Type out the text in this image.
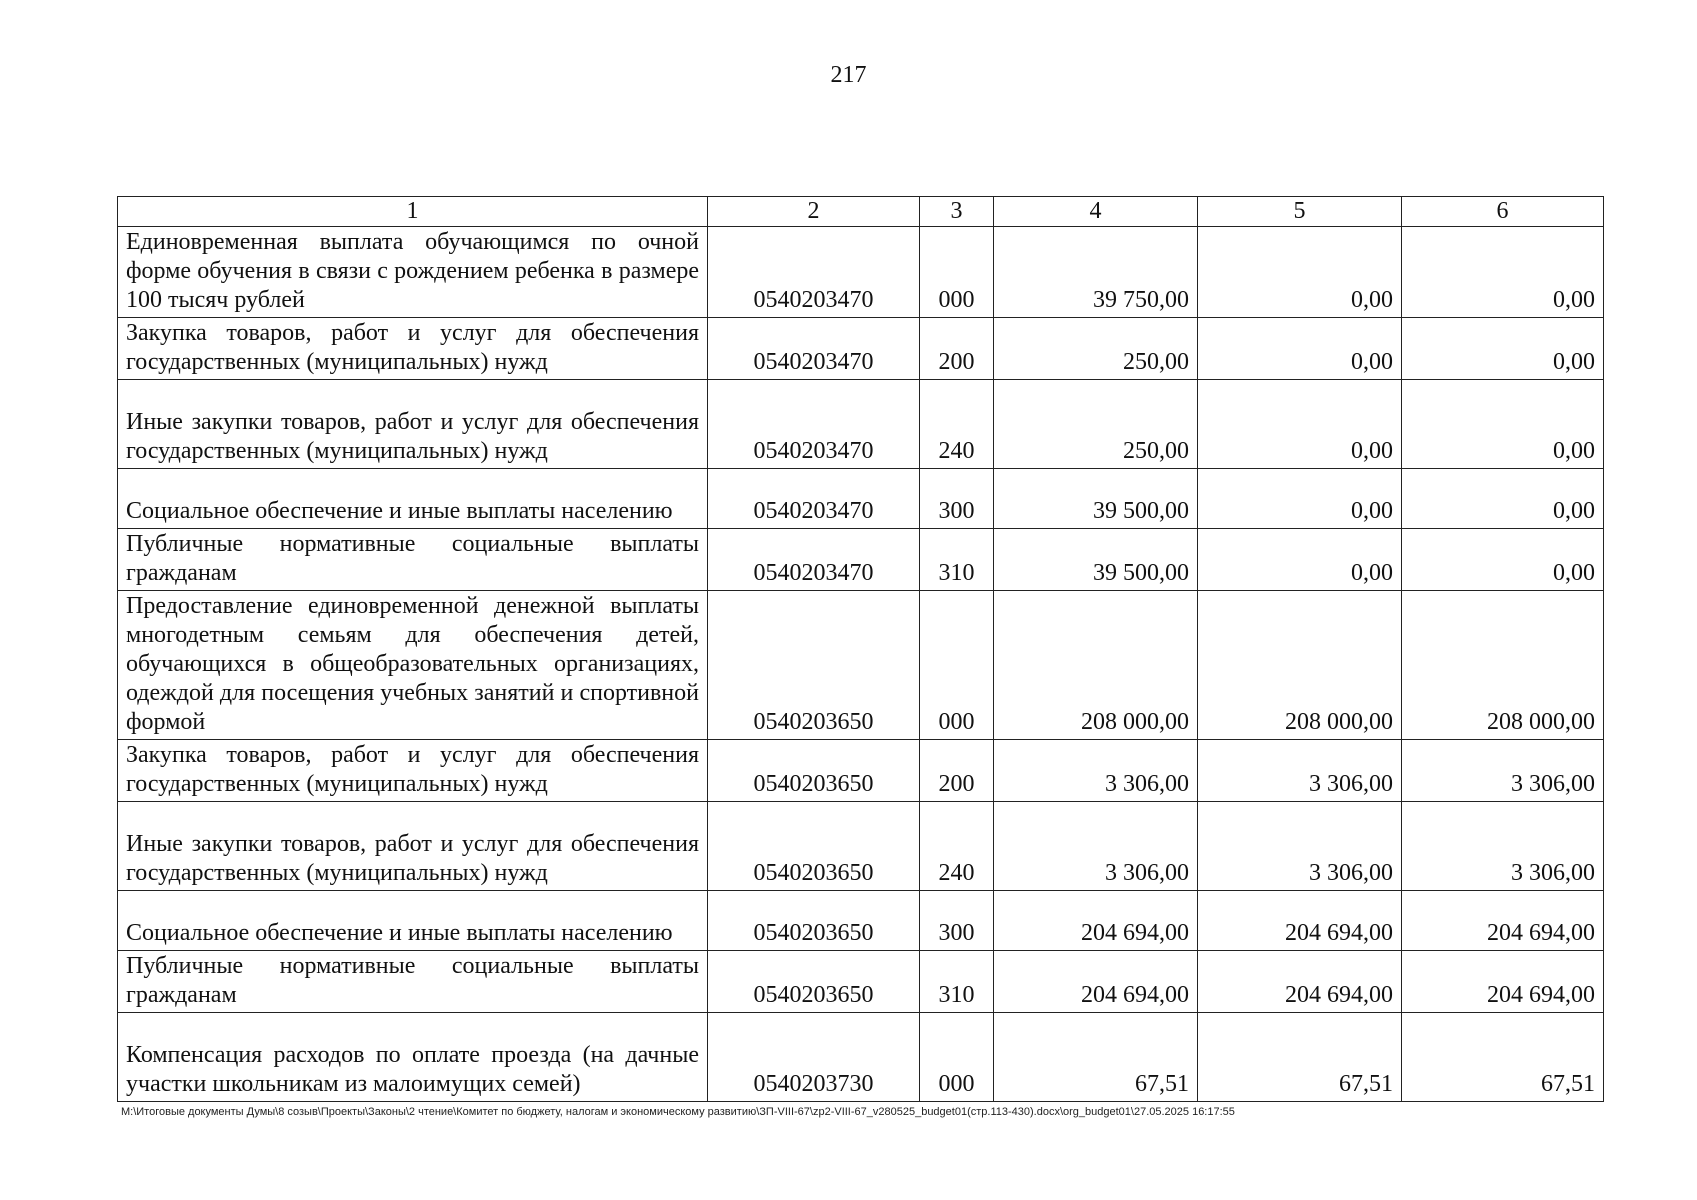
217
1	2	3	4	5	6
Единовременная выплата обучающимся по очной форме обучения в связи с рождением ребенка в размере 100 тысяч рублей	0540203470	000	39 750,00	0,00	0,00
Закупка товаров, работ и услуг для обеспечения государственных (муниципальных) нужд	0540203470	200	250,00	0,00	0,00
Иные закупки товаров, работ и услуг для обеспечения государственных (муниципальных) нужд	0540203470	240	250,00	0,00	0,00
Социальное обеспечение и иные выплаты населению	0540203470	300	39 500,00	0,00	0,00
Публичные нормативные социальные выплаты гражданам	0540203470	310	39 500,00	0,00	0,00
Предоставление единовременной денежной выплаты многодетным семьям для обеспечения детей, обучающихся в общеобразовательных организациях, одеждой для посещения учебных занятий и спортивной формой	0540203650	000	208 000,00	208 000,00	208 000,00
Закупка товаров, работ и услуг для обеспечения государственных (муниципальных) нужд	0540203650	200	3 306,00	3 306,00	3 306,00
Иные закупки товаров, работ и услуг для обеспечения государственных (муниципальных) нужд	0540203650	240	3 306,00	3 306,00	3 306,00
Социальное обеспечение и иные выплаты населению	0540203650	300	204 694,00	204 694,00	204 694,00
Публичные нормативные социальные выплаты гражданам	0540203650	310	204 694,00	204 694,00	204 694,00
Компенсация расходов по оплате проезда (на дачные участки школьникам из малоимущих семей)	0540203730	000	67,51	67,51	67,51
M:\Итоговые документы Думы\8 созыв\Проекты\Законы\2 чтение\Комитет по бюджету, налогам и экономическому развитию\ЗП-VIII-67\zp2-VIII-67_v280525_budget01(стр.113-430).docx\org_budget01\27.05.2025 16:17:55
